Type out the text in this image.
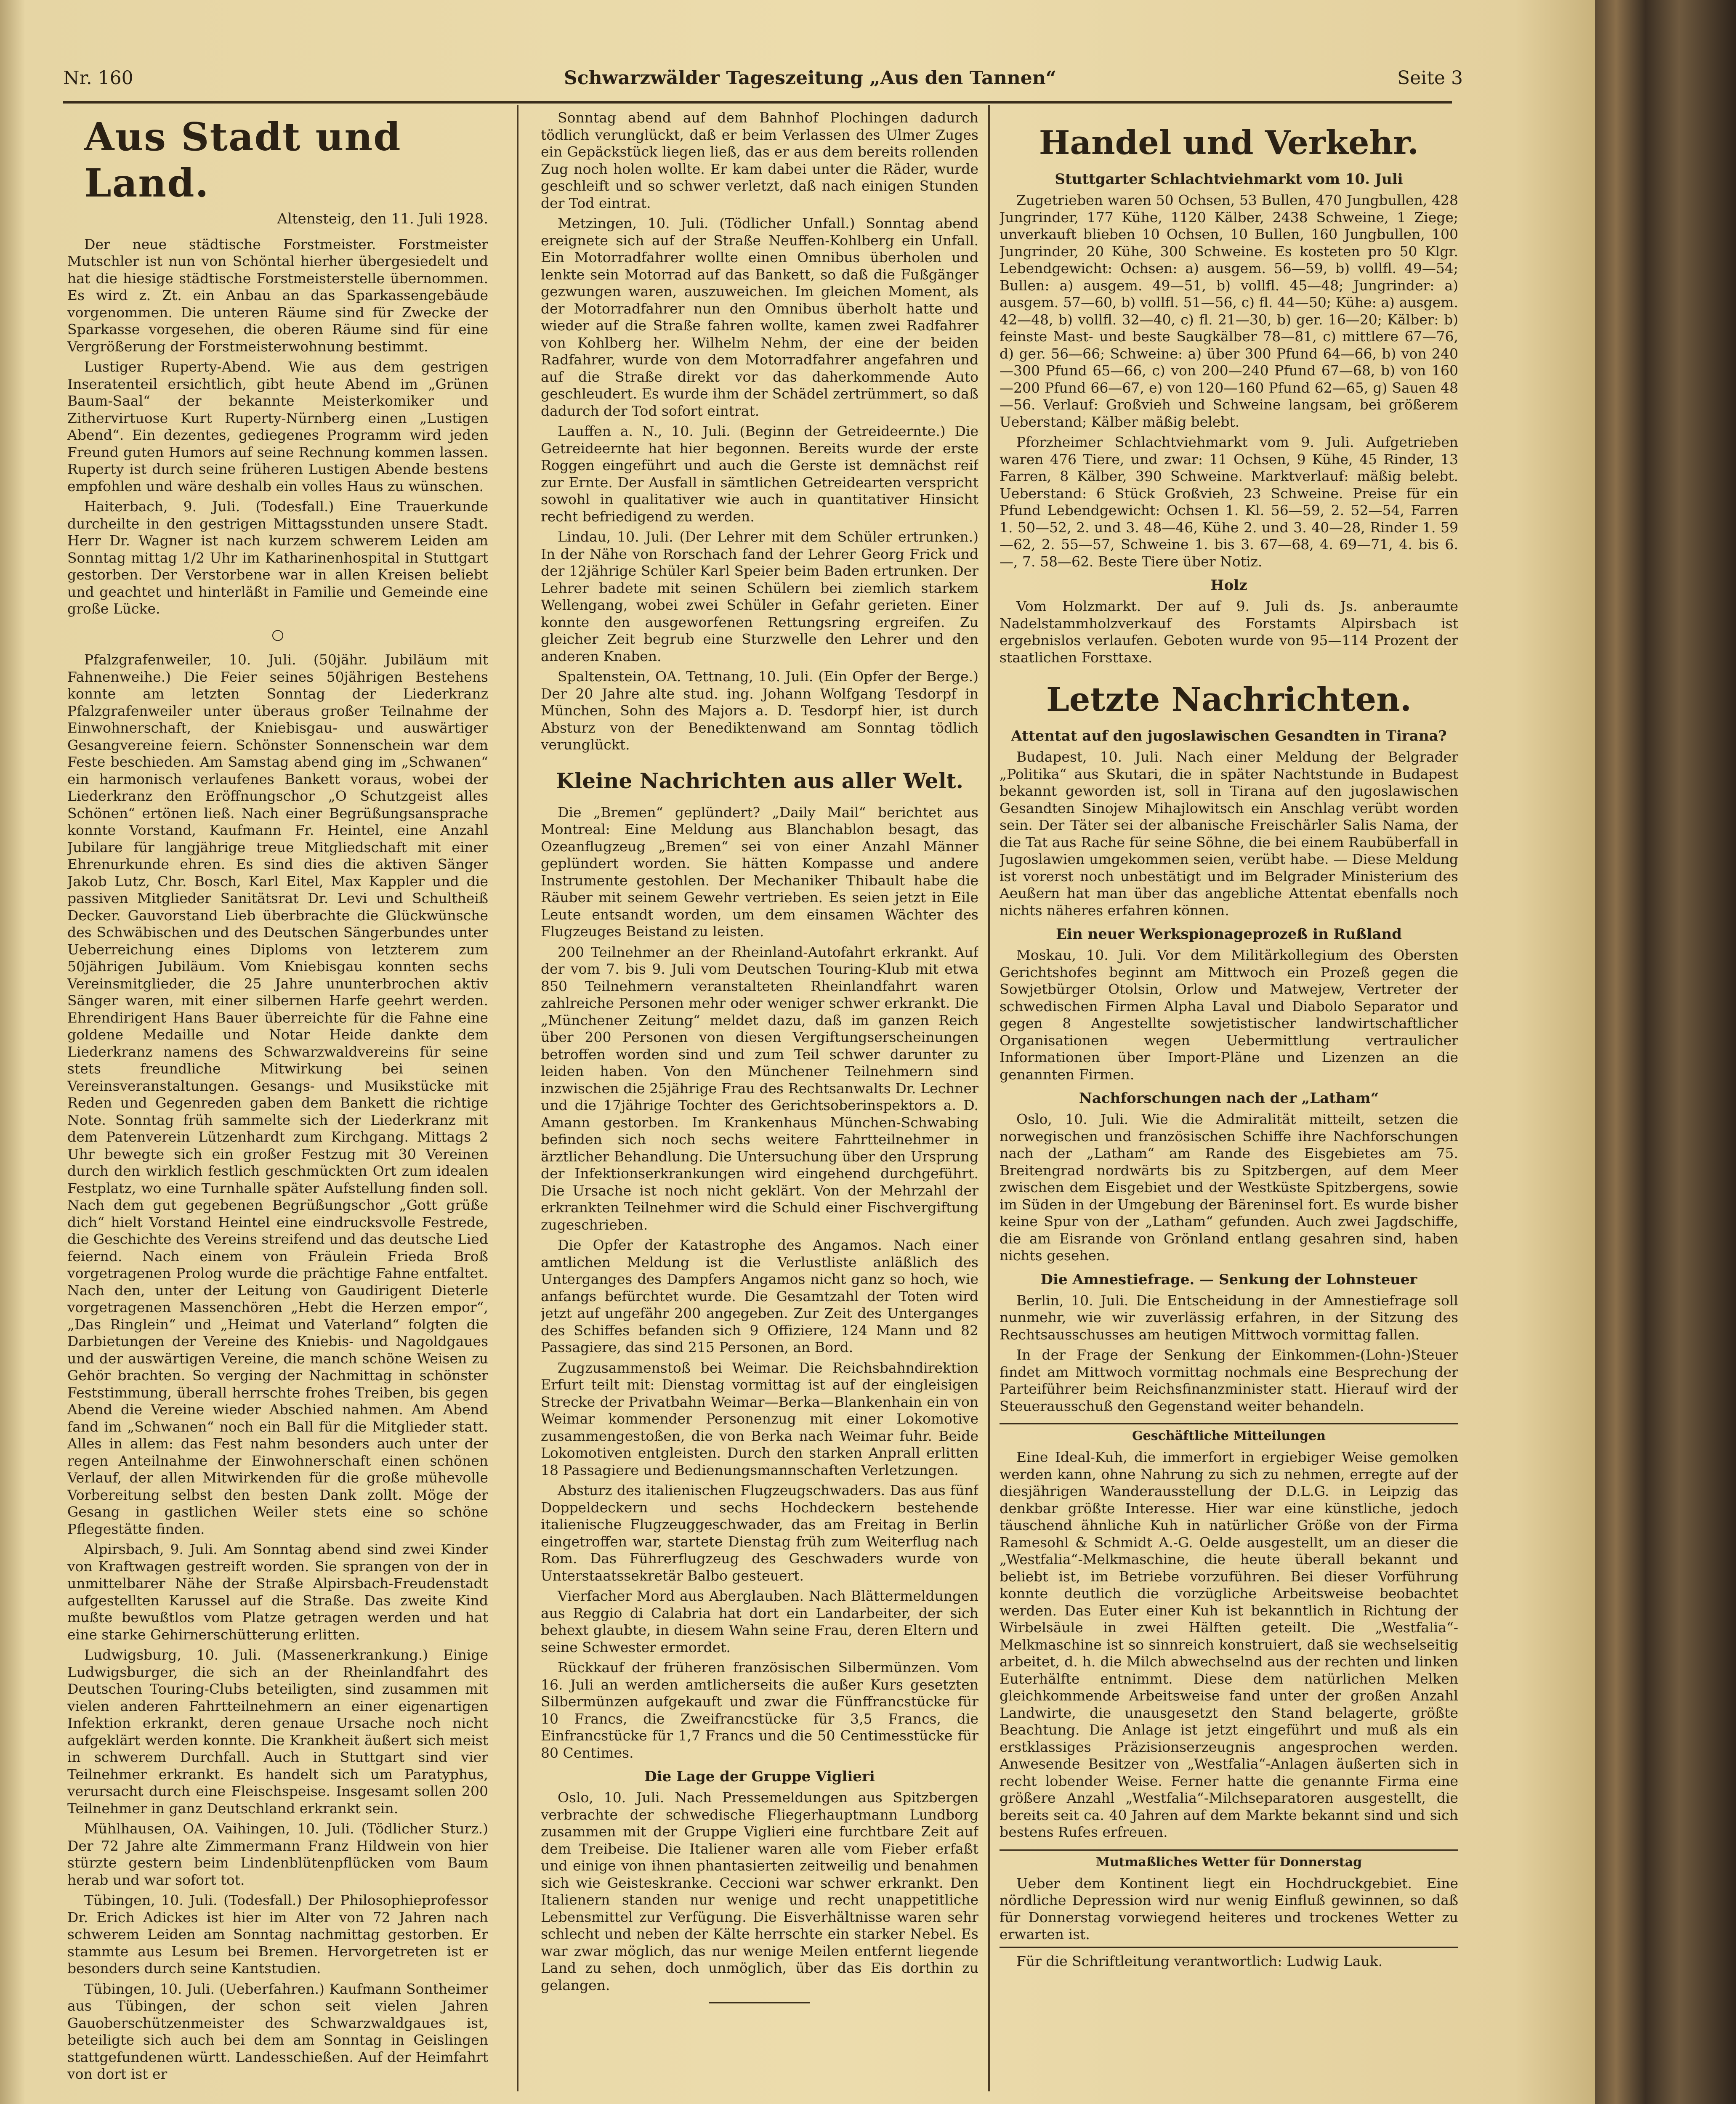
Nr. 160	Schwarzwälder Tageszeitung „Aus den Tannen“	Seite 3
Aus Stadt und Land.
Altensteig, den 11. Juli 1928.

Der neue städtische Forstmeister. Forstmeister Mutschler ist nun von Schöntal hierher übergesiedelt und hat die hiesige städtische Forstmeisterstelle übernommen. Es wird z. Zt. ein Anbau an das Sparkassengebäude vorgenommen. Die unteren Räume sind für Zwecke der Sparkasse vorgesehen, die oberen Räume sind für eine Vergrößerung der Forstmeisterwohnung bestimmt.

Lustiger Ruperty-Abend. Wie aus dem gestrigen Inseratenteil ersichtlich, gibt heute Abend im „Grünen Baum-Saal“ der bekannte Meisterkomiker und Zithervirtuose Kurt Ruperty-Nürnberg einen „Lustigen Abend“. Ein dezentes, gediegenes Programm wird jeden Freund guten Humors auf seine Rechnung kommen lassen. Ruperty ist durch seine früheren Lustigen Abende bestens empfohlen und wäre deshalb ein volles Haus zu wünschen.

Haiterbach, 9. Juli. (Todesfall.) Eine Trauerkunde durcheilte in den gestrigen Mittagsstunden unsere Stadt. Herr Dr. Wagner ist nach kurzem schwerem Leiden am Sonntag mittag 1/2 Uhr im Katharinenhospital in Stuttgart gestorben. Der Verstorbene war in allen Kreisen beliebt und geachtet und hinterläßt in Familie und Gemeinde eine große Lücke.

○

Pfalzgrafenweiler, 10. Juli. (50jähr. Jubiläum mit Fahnenweihe.) Die Feier seines 50jährigen Bestehens konnte am letzten Sonntag der Liederkranz Pfalzgrafenweiler unter überaus großer Teilnahme der Einwohnerschaft, der Kniebisgau- und auswärtiger Gesangvereine feiern. Schönster Sonnenschein war dem Feste beschieden. Am Samstag abend ging im „Schwanen“ ein harmonisch verlaufenes Bankett voraus, wobei der Liederkranz den Eröffnungschor „O Schutzgeist alles Schönen“ ertönen ließ. Nach einer Begrüßungsansprache konnte Vorstand, Kaufmann Fr. Heintel, eine Anzahl Jubilare für langjährige treue Mitgliedschaft mit einer Ehrenurkunde ehren. Es sind dies die aktiven Sänger Jakob Lutz, Chr. Bosch, Karl Eitel, Max Kappler und die passiven Mitglieder Sanitätsrat Dr. Levi und Schultheiß Decker. Gauvorstand Lieb überbrachte die Glückwünsche des Schwäbischen und des Deutschen Sängerbundes unter Ueberreichung eines Diploms von letzterem zum 50jährigen Jubiläum. Vom Kniebisgau konnten sechs Vereinsmitglieder, die 25 Jahre ununterbrochen aktiv Sänger waren, mit einer silbernen Harfe geehrt werden. Ehrendirigent Hans Bauer überreichte für die Fahne eine goldene Medaille und Notar Heide dankte dem Liederkranz namens des Schwarzwaldvereins für seine stets freundliche Mitwirkung bei seinen Vereinsveranstaltungen. Gesangs- und Musikstücke mit Reden und Gegenreden gaben dem Bankett die richtige Note. Sonntag früh sammelte sich der Liederkranz mit dem Patenverein Lützenhardt zum Kirchgang. Mittags 2 Uhr bewegte sich ein großer Festzug mit 30 Vereinen durch den wirklich festlich geschmückten Ort zum idealen Festplatz, wo eine Turnhalle später Aufstellung finden soll. Nach dem gut gegebenen Begrüßungschor „Gott grüße dich“ hielt Vorstand Heintel eine eindrucksvolle Festrede, die Geschichte des Vereins streifend und das deutsche Lied feiernd. Nach einem von Fräulein Frieda Broß vorgetragenen Prolog wurde die prächtige Fahne entfaltet. Nach den, unter der Leitung von Gaudirigent Dieterle vorgetragenen Massenchören „Hebt die Herzen empor“, „Das Ringlein“ und „Heimat und Vaterland“ folgten die Darbietungen der Vereine des Kniebis- und Nagoldgaues und der auswärtigen Vereine, die manch schöne Weisen zu Gehör brachten. So verging der Nachmittag in schönster Feststimmung, überall herrschte frohes Treiben, bis gegen Abend die Vereine wieder Abschied nahmen. Am Abend fand im „Schwanen“ noch ein Ball für die Mitglieder statt. Alles in allem: das Fest nahm besonders auch unter der regen Anteilnahme der Einwohnerschaft einen schönen Verlauf, der allen Mitwirkenden für die große mühevolle Vorbereitung selbst den besten Dank zollt. Möge der Gesang in gastlichen Weiler stets eine so schöne Pflegestätte finden.

Alpirsbach, 9. Juli. Am Sonntag abend sind zwei Kinder von Kraftwagen gestreift worden. Sie sprangen von der in unmittelbarer Nähe der Straße Alpirsbach-Freudenstadt aufgestellten Karussel auf die Straße. Das zweite Kind mußte bewußtlos vom Platze getragen werden und hat eine starke Gehirnerschütterung erlitten.

Ludwigsburg, 10. Juli. (Massenerkrankung.) Einige Ludwigsburger, die sich an der Rheinlandfahrt des Deutschen Touring-Clubs beteiligten, sind zusammen mit vielen anderen Fahrtteilnehmern an einer eigenartigen Infektion erkrankt, deren genaue Ursache noch nicht aufgeklärt werden konnte. Die Krankheit äußert sich meist in schwerem Durchfall. Auch in Stuttgart sind vier Teilnehmer erkrankt. Es handelt sich um Paratyphus, verursacht durch eine Fleischspeise. Insgesamt sollen 200 Teilnehmer in ganz Deutschland erkrankt sein.

Mühlhausen, OA. Vaihingen, 10. Juli. (Tödlicher Sturz.) Der 72 Jahre alte Zimmermann Franz Hildwein von hier stürzte gestern beim Lindenblütenpflücken vom Baum herab und war sofort tot.

Tübingen, 10. Juli. (Todesfall.) Der Philosophieprofessor Dr. Erich Adickes ist hier im Alter von 72 Jahren nach schwerem Leiden am Sonntag nachmittag gestorben. Er stammte aus Lesum bei Bremen. Hervorgetreten ist er besonders durch seine Kantstudien.

Tübingen, 10. Juli. (Ueberfahren.) Kaufmann Sontheimer aus Tübingen, der schon seit vielen Jahren Gauoberschützenmeister des Schwarzwaldgaues ist, beteiligte sich auch bei dem am Sonntag in Geislingen stattgefundenen württ. Landesschießen. Auf der Heimfahrt von dort ist er

Sonntag abend auf dem Bahnhof Plochingen dadurch tödlich verunglückt, daß er beim Verlassen des Ulmer Zuges ein Gepäckstück liegen ließ, das er aus dem bereits rollenden Zug noch holen wollte. Er kam dabei unter die Räder, wurde geschleift und so schwer verletzt, daß nach einigen Stunden der Tod eintrat.

Metzingen, 10. Juli. (Tödlicher Unfall.) Sonntag abend ereignete sich auf der Straße Neuffen-Kohlberg ein Unfall. Ein Motorradfahrer wollte einen Omnibus überholen und lenkte sein Motorrad auf das Bankett, so daß die Fußgänger gezwungen waren, auszuweichen. Im gleichen Moment, als der Motorradfahrer nun den Omnibus überholt hatte und wieder auf die Straße fahren wollte, kamen zwei Radfahrer von Kohlberg her. Wilhelm Nehm, der eine der beiden Radfahrer, wurde von dem Motorradfahrer angefahren und auf die Straße direkt vor das daherkommende Auto geschleudert. Es wurde ihm der Schädel zertrümmert, so daß dadurch der Tod sofort eintrat.

Lauffen a. N., 10. Juli. (Beginn der Getreideernte.) Die Getreideernte hat hier begonnen. Bereits wurde der erste Roggen eingeführt und auch die Gerste ist demnächst reif zur Ernte. Der Ausfall in sämtlichen Getreidearten verspricht sowohl in qualitativer wie auch in quantitativer Hinsicht recht befriedigend zu werden.

Lindau, 10. Juli. (Der Lehrer mit dem Schüler ertrunken.) In der Nähe von Rorschach fand der Lehrer Georg Frick und der 12jährige Schüler Karl Speier beim Baden ertrunken. Der Lehrer badete mit seinen Schülern bei ziemlich starkem Wellengang, wobei zwei Schüler in Gefahr gerieten. Einer konnte den ausgeworfenen Rettungsring ergreifen. Zu gleicher Zeit begrub eine Sturzwelle den Lehrer und den anderen Knaben.

Spaltenstein, OA. Tettnang, 10. Juli. (Ein Opfer der Berge.) Der 20 Jahre alte stud. ing. Johann Wolfgang Tesdorpf in München, Sohn des Majors a. D. Tesdorpf hier, ist durch Absturz von der Benediktenwand am Sonntag tödlich verunglückt.

Kleine Nachrichten aus aller Welt.

Die „Bremen“ geplündert? „Daily Mail“ berichtet aus Montreal: Eine Meldung aus Blanchablon besagt, das Ozeanflugzeug „Bremen“ sei von einer Anzahl Männer geplündert worden. Sie hätten Kompasse und andere Instrumente gestohlen. Der Mechaniker Thibault habe die Räuber mit seinem Gewehr vertrieben. Es seien jetzt in Eile Leute entsandt worden, um dem einsamen Wächter des Flugzeuges Beistand zu leisten.

200 Teilnehmer an der Rheinland-Autofahrt erkrankt. Auf der vom 7. bis 9. Juli vom Deutschen Touring-Klub mit etwa 850 Teilnehmern veranstalteten Rheinlandfahrt waren zahlreiche Personen mehr oder weniger schwer erkrankt. Die „Münchener Zeitung“ meldet dazu, daß im ganzen Reich über 200 Personen von diesen Vergiftungserscheinungen betroffen worden sind und zum Teil schwer darunter zu leiden haben. Von den Münchener Teilnehmern sind inzwischen die 25jährige Frau des Rechtsanwalts Dr. Lechner und die 17jährige Tochter des Gerichtsoberinspektors a. D. Amann gestorben. Im Krankenhaus München-Schwabing befinden sich noch sechs weitere Fahrtteilnehmer in ärztlicher Behandlung. Die Untersuchung über den Ursprung der Infektionserkrankungen wird eingehend durchgeführt. Die Ursache ist noch nicht geklärt. Von der Mehrzahl der erkrankten Teilnehmer wird die Schuld einer Fischvergiftung zugeschrieben.

Die Opfer der Katastrophe des Angamos. Nach einer amtlichen Meldung ist die Verlustliste anläßlich des Unterganges des Dampfers Angamos nicht ganz so hoch, wie anfangs befürchtet wurde. Die Gesamtzahl der Toten wird jetzt auf ungefähr 200 angegeben. Zur Zeit des Unterganges des Schiffes befanden sich 9 Offiziere, 124 Mann und 82 Passagiere, das sind 215 Personen, an Bord.

Zugzusammenstoß bei Weimar. Die Reichsbahndirektion Erfurt teilt mit: Dienstag vormittag ist auf der eingleisigen Strecke der Privatbahn Weimar—Berka—Blankenhain ein von Weimar kommender Personenzug mit einer Lokomotive zusammengestoßen, die von Berka nach Weimar fuhr. Beide Lokomotiven entgleisten. Durch den starken Anprall erlitten 18 Passagiere und Bedienungsmannschaften Verletzungen.

Absturz des italienischen Flugzeugschwaders. Das aus fünf Doppeldeckern und sechs Hochdeckern bestehende italienische Flugzeuggeschwader, das am Freitag in Berlin eingetroffen war, startete Dienstag früh zum Weiterflug nach Rom. Das Führerflugzeug des Geschwaders wurde von Unterstaatssekretär Balbo gesteuert.

Vierfacher Mord aus Aberglauben. Nach Blättermeldungen aus Reggio di Calabria hat dort ein Landarbeiter, der sich behext glaubte, in diesem Wahn seine Frau, deren Eltern und seine Schwester ermordet.

Rückkauf der früheren französischen Silbermünzen. Vom 16. Juli an werden amtlicherseits die außer Kurs gesetzten Silbermünzen aufgekauft und zwar die Fünffrancstücke für 10 Francs, die Zweifrancstücke für 3,5 Francs, die Einfrancstücke für 1,7 Francs und die 50 Centimesstücke für 80 Centimes.

Die Lage der Gruppe Viglieri

Oslo, 10. Juli. Nach Pressemeldungen aus Spitzbergen verbrachte der schwedische Fliegerhauptmann Lundborg zusammen mit der Gruppe Viglieri eine furchtbare Zeit auf dem Treibeise. Die Italiener waren alle vom Fieber erfaßt und einige von ihnen phantasierten zeitweilig und benahmen sich wie Geisteskranke. Ceccioni war schwer erkrankt. Den Italienern standen nur wenige und recht unappetitliche Lebensmittel zur Verfügung. Die Eisverhältnisse waren sehr schlecht und neben der Kälte herrschte ein starker Nebel. Es war zwar möglich, das nur wenige Meilen entfernt liegende Land zu sehen, doch unmöglich, über das Eis dorthin zu gelangen.

Handel und Verkehr.
Stuttgarter Schlachtviehmarkt vom 10. Juli

Zugetrieben waren 50 Ochsen, 53 Bullen, 470 Jungbullen, 428 Jungrinder, 177 Kühe, 1120 Kälber, 2438 Schweine, 1 Ziege; unverkauft blieben 10 Ochsen, 10 Bullen, 160 Jungbullen, 100 Jungrinder, 20 Kühe, 300 Schweine. Es kosteten pro 50 Klgr. Lebendgewicht: Ochsen: a) ausgem. 56—59, b) vollfl. 49—54; Bullen: a) ausgem. 49—51, b) vollfl. 45—48; Jungrinder: a) ausgem. 57—60, b) vollfl. 51—56, c) fl. 44—50; Kühe: a) ausgem. 42—48, b) vollfl. 32—40, c) fl. 21—30, b) ger. 16—20; Kälber: b) feinste Mast- und beste Saugkälber 78—81, c) mittlere 67—76, d) ger. 56—66; Schweine: a) über 300 Pfund 64—66, b) von 240—300 Pfund 65—66, c) von 200—240 Pfund 67—68, b) von 160—200 Pfund 66—67, e) von 120—160 Pfund 62—65, g) Sauen 48—56. Verlauf: Großvieh und Schweine langsam, bei größerem Ueberstand; Kälber mäßig belebt.

Pforzheimer Schlachtviehmarkt vom 9. Juli. Aufgetrieben waren 476 Tiere, und zwar: 11 Ochsen, 9 Kühe, 45 Rinder, 13 Farren, 8 Kälber, 390 Schweine. Marktverlauf: mäßig belebt. Ueberstand: 6 Stück Großvieh, 23 Schweine. Preise für ein Pfund Lebendgewicht: Ochsen 1. Kl. 56—59, 2. 52—54, Farren 1. 50—52, 2. und 3. 48—46, Kühe 2. und 3. 40—28, Rinder 1. 59—62, 2. 55—57, Schweine 1. bis 3. 67—68, 4. 69—71, 4. bis 6. —, 7. 58—62. Beste Tiere über Notiz.

Holz

Vom Holzmarkt. Der auf 9. Juli ds. Js. anberaumte Nadelstammholzverkauf des Forstamts Alpirsbach ist ergebnislos verlaufen. Geboten wurde von 95—114 Prozent der staatlichen Forsttaxe.

Letzte Nachrichten.
Attentat auf den jugoslawischen Gesandten in Tirana?

Budapest, 10. Juli. Nach einer Meldung der Belgrader „Politika“ aus Skutari, die in später Nachtstunde in Budapest bekannt geworden ist, soll in Tirana auf den jugoslawischen Gesandten Sinojew Mihajlowitsch ein Anschlag verübt worden sein. Der Täter sei der albanische Freischärler Salis Nama, der die Tat aus Rache für seine Söhne, die bei einem Raubüberfall in Jugoslawien umgekommen seien, verübt habe. — Diese Meldung ist vorerst noch unbestätigt und im Belgrader Ministerium des Aeußern hat man über das angebliche Attentat ebenfalls noch nichts näheres erfahren können.

Ein neuer Werkspionageprozeß in Rußland

Moskau, 10. Juli. Vor dem Militärkollegium des Obersten Gerichtshofes beginnt am Mittwoch ein Prozeß gegen die Sowjetbürger Otolsin, Orlow und Matwejew, Vertreter der schwedischen Firmen Alpha Laval und Diabolo Separator und gegen 8 Angestellte sowjetistischer landwirtschaftlicher Organisationen wegen Uebermittlung vertraulicher Informationen über Import-Pläne und Lizenzen an die genannten Firmen.

Nachforschungen nach der „Latham“

Oslo, 10. Juli. Wie die Admiralität mitteilt, setzen die norwegischen und französischen Schiffe ihre Nachforschungen nach der „Latham“ am Rande des Eisgebietes am 75. Breitengrad nordwärts bis zu Spitzbergen, auf dem Meer zwischen dem Eisgebiet und der Westküste Spitzbergens, sowie im Süden in der Umgebung der Bäreninsel fort. Es wurde bisher keine Spur von der „Latham“ gefunden. Auch zwei Jagdschiffe, die am Eisrande von Grönland entlang gesahren sind, haben nichts gesehen.

Die Amnestiefrage. — Senkung der Lohnsteuer

Berlin, 10. Juli. Die Entscheidung in der Amnestiefrage soll nunmehr, wie wir zuverlässig erfahren, in der Sitzung des Rechtsausschusses am heutigen Mittwoch vormittag fallen.

In der Frage der Senkung der Einkommen-(Lohn-)Steuer findet am Mittwoch vormittag nochmals eine Besprechung der Parteiführer beim Reichsfinanzminister statt. Hierauf wird der Steuerausschuß den Gegenstand weiter behandeln.

Geschäftliche Mitteilungen

Eine Ideal-Kuh, die immerfort in ergiebiger Weise gemolken werden kann, ohne Nahrung zu sich zu nehmen, erregte auf der diesjährigen Wanderausstellung der D.L.G. in Leipzig das denkbar größte Interesse. Hier war eine künstliche, jedoch täuschend ähnliche Kuh in natürlicher Größe von der Firma Ramesohl & Schmidt A.-G. Oelde ausgestellt, um an dieser die „Westfalia“-Melkmaschine, die heute überall bekannt und beliebt ist, im Betriebe vorzuführen. Bei dieser Vorführung konnte deutlich die vorzügliche Arbeitsweise beobachtet werden. Das Euter einer Kuh ist bekanntlich in Richtung der Wirbelsäule in zwei Hälften geteilt. Die „Westfalia“-Melkmaschine ist so sinnreich konstruiert, daß sie wechselseitig arbeitet, d. h. die Milch abwechselnd aus der rechten und linken Euterhälfte entnimmt. Diese dem natürlichen Melken gleichkommende Arbeitsweise fand unter der großen Anzahl Landwirte, die unausgesetzt den Stand belagerte, größte Beachtung. Die Anlage ist jetzt eingeführt und muß als ein erstklassiges Präzisionserzeugnis angesprochen werden. Anwesende Besitzer von „Westfalia“-Anlagen äußerten sich in recht lobender Weise. Ferner hatte die genannte Firma eine größere Anzahl „Westfalia“-Milchseparatoren ausgestellt, die bereits seit ca. 40 Jahren auf dem Markte bekannt sind und sich bestens Rufes erfreuen.

Mutmaßliches Wetter für Donnerstag

Ueber dem Kontinent liegt ein Hochdruckgebiet. Eine nördliche Depression wird nur wenig Einfluß gewinnen, so daß für Donnerstag vorwiegend heiteres und trockenes Wetter zu erwarten ist.

Für die Schriftleitung verantwortlich: Ludwig Lauk.
